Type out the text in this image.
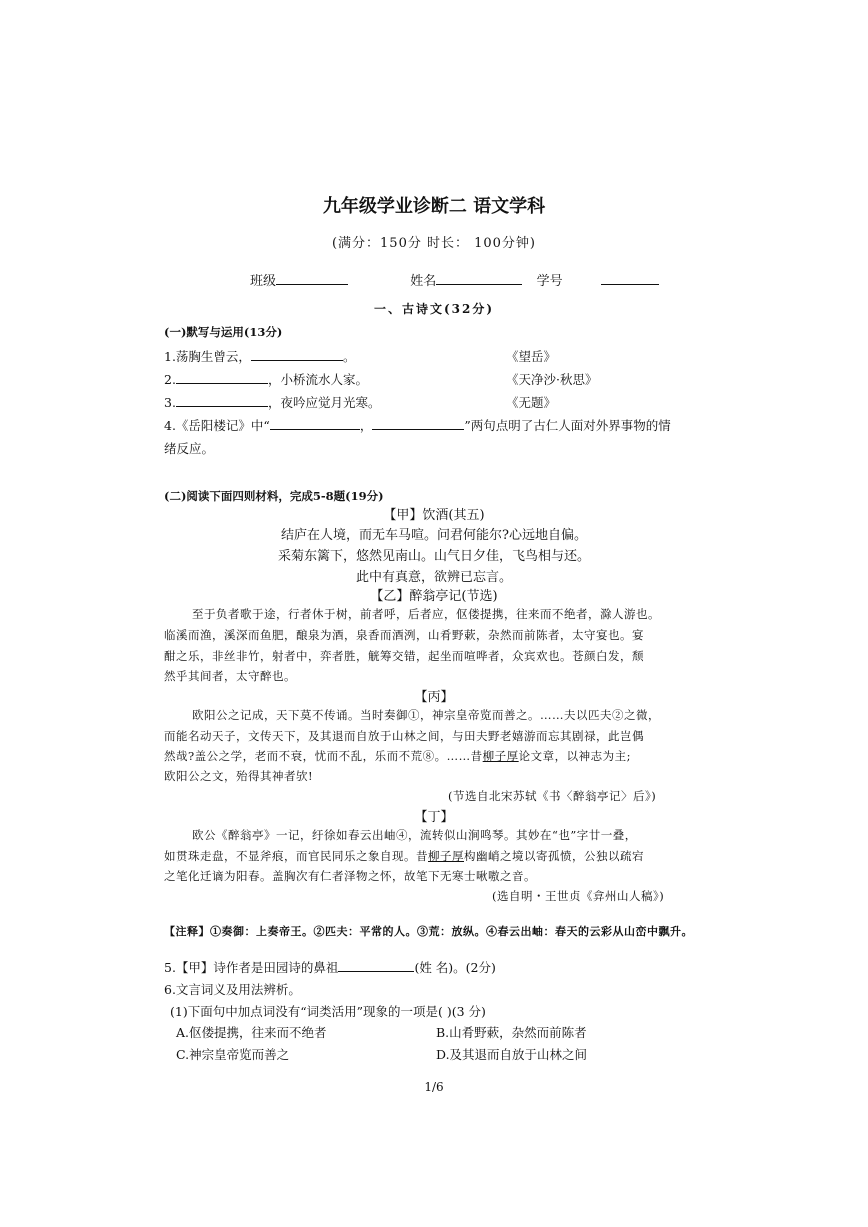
九年级学业诊断二 语文学科
(满分：150分 时长： 100分钟)
班级	姓名	学号
一、古诗文(32分)
(一)默写与运用(13分)
1.荡胸生曾云，	。	《望岳》
2.	，小桥流水人家。	《天净沙·秋思》
3.	，夜吟应觉月光寒。	《无题》
4.《岳阳楼记》中“	，	”两句点明了古仁人面对外界事物的情
绪反应。
(二)阅读下面四则材料，完成5-8题(19分)
【甲】饮酒(其五)
结庐在人境，而无车马喧。问君何能尔?心远地自偏。
采菊东篱下，悠然见南山。山气日夕佳，飞鸟相与还。
此中有真意，欲辨已忘言。
【乙】醉翁亭记(节选)
至于负者歌于途，行者休于树，前者呼，后者应，伛偻提携，往来而不绝者，滁人游也。
临溪而渔，溪深而鱼肥，酿泉为酒，泉香而酒洌，山肴野蔌，杂然而前陈者，太守宴也。宴
酣之乐，非丝非竹，射者中，弈者胜，觥筹交错，起坐而喧哗者，众宾欢也。苍颜白发，颓
然乎其间者，太守醉也。
【丙】
欧阳公之记成，天下莫不传诵。当时奏御①，神宗皇帝览而善之。……夫以匹夫②之微，
而能名动天子，文传天下，及其退而自放于山林之间，与田夫野老嬉游而忘其剧禄，此岂偶
然哉?盖公之学，老而不衰，忧而不乱，乐而不荒⑧。……昔柳子厚论文章，以神志为主;
欧阳公之文，殆得其神者欤!
(节选自北宋苏轼《书〈醉翁亭记〉后》)
【丁】
欧公《醉翁亭》一记，纡徐如春云出岫④，流转似山涧鸣琴。其妙在“也”字廿一叠，
如贯珠走盘，不显斧痕，而官民同乐之象自现。昔柳子厚构幽峭之境以寄孤愤，公独以疏宕
之笔化迁谪为阳春。盖胸次有仁者泽物之怀，故笔下无寒士啾嗷之音。
(选自明・王世贞《弇州山人稿》)
【注释】①奏御：上奏帝王。②匹夫：平常的人。③荒：放纵。④春云出岫：春天的云彩从山峦中飘升。
5.【甲】诗作者是田园诗的鼻祖	(姓 名)。(2分)
6.文言词义及用法辨析。
(1)下面句中加点词没有“词类活用”现象的一项是( )(3 分)
A.伛偻提携，往来而不绝者	B.山肴野蔌，杂然而前陈者
C.神宗皇帝览而善之	D.及其退而自放于山林之间
1/6
